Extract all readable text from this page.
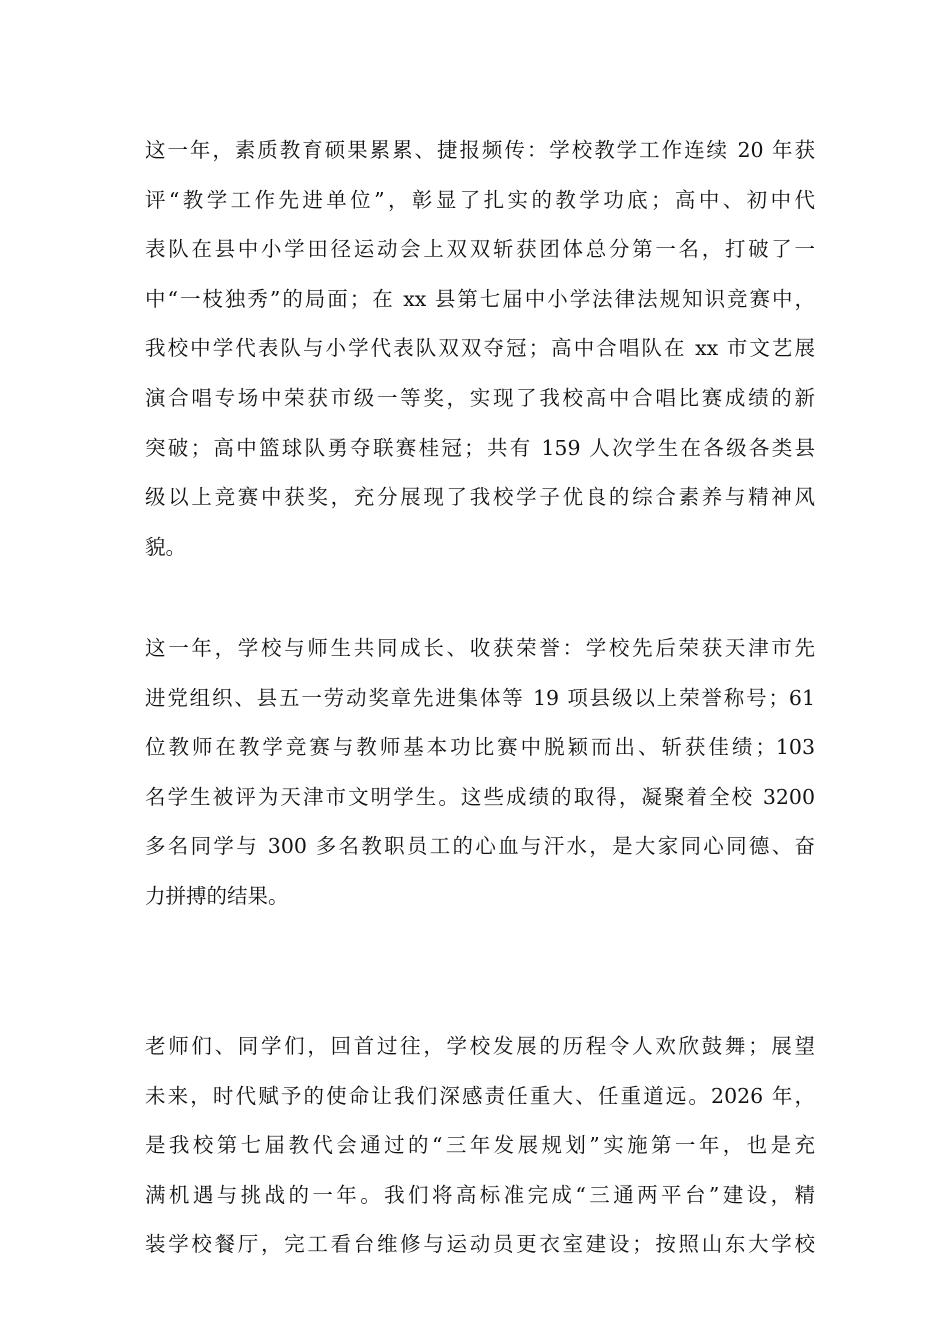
这一年，素质教育硕果累累、捷报频传：学校教学工作连续 20 年获
评“教学工作先进单位”，彰显了扎实的教学功底；高中、初中代
表队在县中小学田径运动会上双双斩获团体总分第一名，打破了一
中“一枝独秀”的局面；在 xx 县第七届中小学法律法规知识竞赛中，
我校中学代表队与小学代表队双双夺冠；高中合唱队在 xx 市文艺展
演合唱专场中荣获市级一等奖，实现了我校高中合唱比赛成绩的新
突破；高中篮球队勇夺联赛桂冠；共有 159 人次学生在各级各类县
级以上竞赛中获奖，充分展现了我校学子优良的综合素养与精神风
貌。

这一年，学校与师生共同成长、收获荣誉：学校先后荣获天津市先
进党组织、县五一劳动奖章先进集体等 19 项县级以上荣誉称号；61
位教师在教学竞赛与教师基本功比赛中脱颖而出、斩获佳绩；103
名学生被评为天津市文明学生。这些成绩的取得，凝聚着全校 3200
多名同学与 300 多名教职员工的心血与汗水，是大家同心同德、奋
力拼搏的结果。

老师们、同学们，回首过往，学校发展的历程令人欢欣鼓舞；展望
未来，时代赋予的使命让我们深感责任重大、任重道远。2026 年，
是我校第七届教代会通过的“三年发展规划”实施第一年，也是充
满机遇与挑战的一年。我们将高标准完成“三通两平台”建设，精
装学校餐厅，完工看台维修与运动员更衣室建设；按照山东大学校
